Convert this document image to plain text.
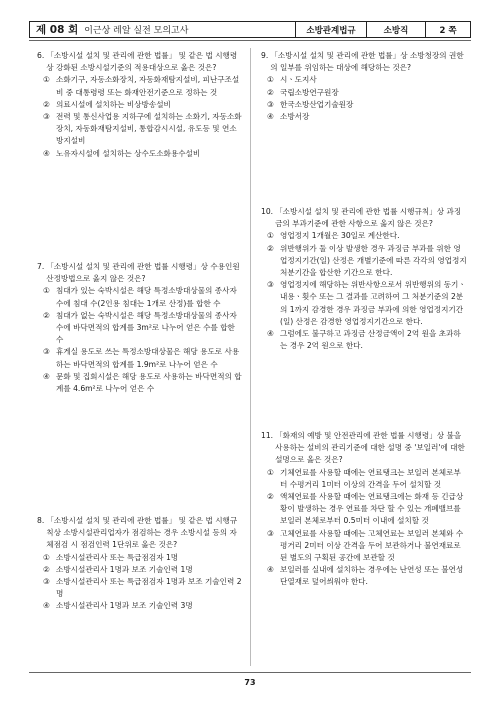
제 08 회 이근상 레알 실전 모의고사	소방관계법규	소방직	2 쪽
6. 「소방시설 설치 및 관리에 관한 법률」 및 같은 법 시행령상 강화된 소방시설기준의 적용대상으로 옳은 것은?
① 소화기구, 자동소화장치, 자동화재탐지설비, 피난구조설비 중 대통령령 또는 화재안전기준으로 정하는 것
② 의료시설에 설치하는 비상방송설비
③ 전력 및 통신사업용 지하구에 설치하는 소화기, 자동소화장치, 자동화재탐지설비, 통합감시시설, 유도등 및 연소방지설비
④ 노유자시설에 설치하는 상수도소화용수설비
7. 「소방시설 설치 및 관리에 관한 법률 시행령」상 수용인원 산정방법으로 옳지 않은 것은?
① 침대가 있는 숙박시설은 해당 특정소방대상물의 종사자 수에 침대 수(2인용 침대는 1개로 산정)를 합한 수
② 침대가 없는 숙박시설은 해당 특정소방대상물의 종사자 수에 바닥면적의 합계를 3m²로 나누어 얻은 수를 합한 수
③ 휴게실 용도로 쓰는 특정소방대상물은 해당 용도로 사용하는 바닥면적의 합계를 1.9m²로 나누어 얻은 수
④ 문화 및 집회시설은 해당 용도로 사용하는 바닥면적의 합계를 4.6m²로 나누어 얻은 수
8. 「소방시설 설치 및 관리에 관한 법률」 및 같은 법 시행규칙상 소방시설관리업자가 점검하는 경우 소방시설 등의 자체점검 시 점검인력 1단위로 옳은 것은?
① 소방시설관리사 또는 특급점검자 1명
② 소방시설관리사 1명과 보조 기술인력 1명
③ 소방시설관리사 또는 특급점검자 1명과 보조 기술인력 2명
④ 소방시설관리사 1명과 보조 기술인력 3명
9. 「소방시설 설치 및 관리에 관한 법률」상 소방청장의 권한의 일부를 위임하는 대상에 해당하는 것은?
① 시ㆍ도지사
② 국립소방연구원장
③ 한국소방산업기술원장
④ 소방서장
10. 「소방시설 설치 및 관리에 관한 법률 시행규칙」상 과징금의 부과기준에 관한 사항으로 옳지 않은 것은?
① 영업정지 1개월은 30일로 계산한다.
② 위반행위가 둘 이상 발생한 경우 과징금 부과를 위한 영업정지기간(일) 산정은 개별기준에 따른 각각의 영업정지 처분기간을 합산한 기간으로 한다.
③ 영업정지에 해당하는 위반사항으로서 위반행위의 동기ㆍ내용ㆍ횟수 또는 그 결과를 고려하여 그 처분기준의 2분의 1까지 감경한 경우 과징금 부과에 의한 영업정지기간(일) 산정은 감경한 영업정지기간으로 한다.
④ 그럼에도 불구하고 과징금 산정금액이 2억 원을 초과하는 경우 2억 원으로 한다.
11. 「화재의 예방 및 안전관리에 관한 법률 시행령」상 불을 사용하는 설비의 관리기준에 대한 설명 중 '보일러'에 대한 설명으로 옳은 것은?
① 기체연료를 사용할 때에는 연료탱크는 보일러 본체로부터 수평거리 1미터 이상의 간격을 두어 설치할 것
② 액체연료를 사용할 때에는 연료탱크에는 화재 등 긴급상황이 발생하는 경우 연료를 차단 할 수 있는 개폐밸브를 보일러 본체로부터 0.5미터 이내에 설치할 것
③ 고체연료를 사용할 때에는 고체연료는 보일러 본체와 수평거리 2미터 이상 간격을 두어 보관하거나 불연재료로 된 별도의 구획된 공간에 보관할 것
④ 보일러를 실내에 설치하는 경우에는 난연성 또는 불연성 단열재로 덮어씌워야 한다.
73
